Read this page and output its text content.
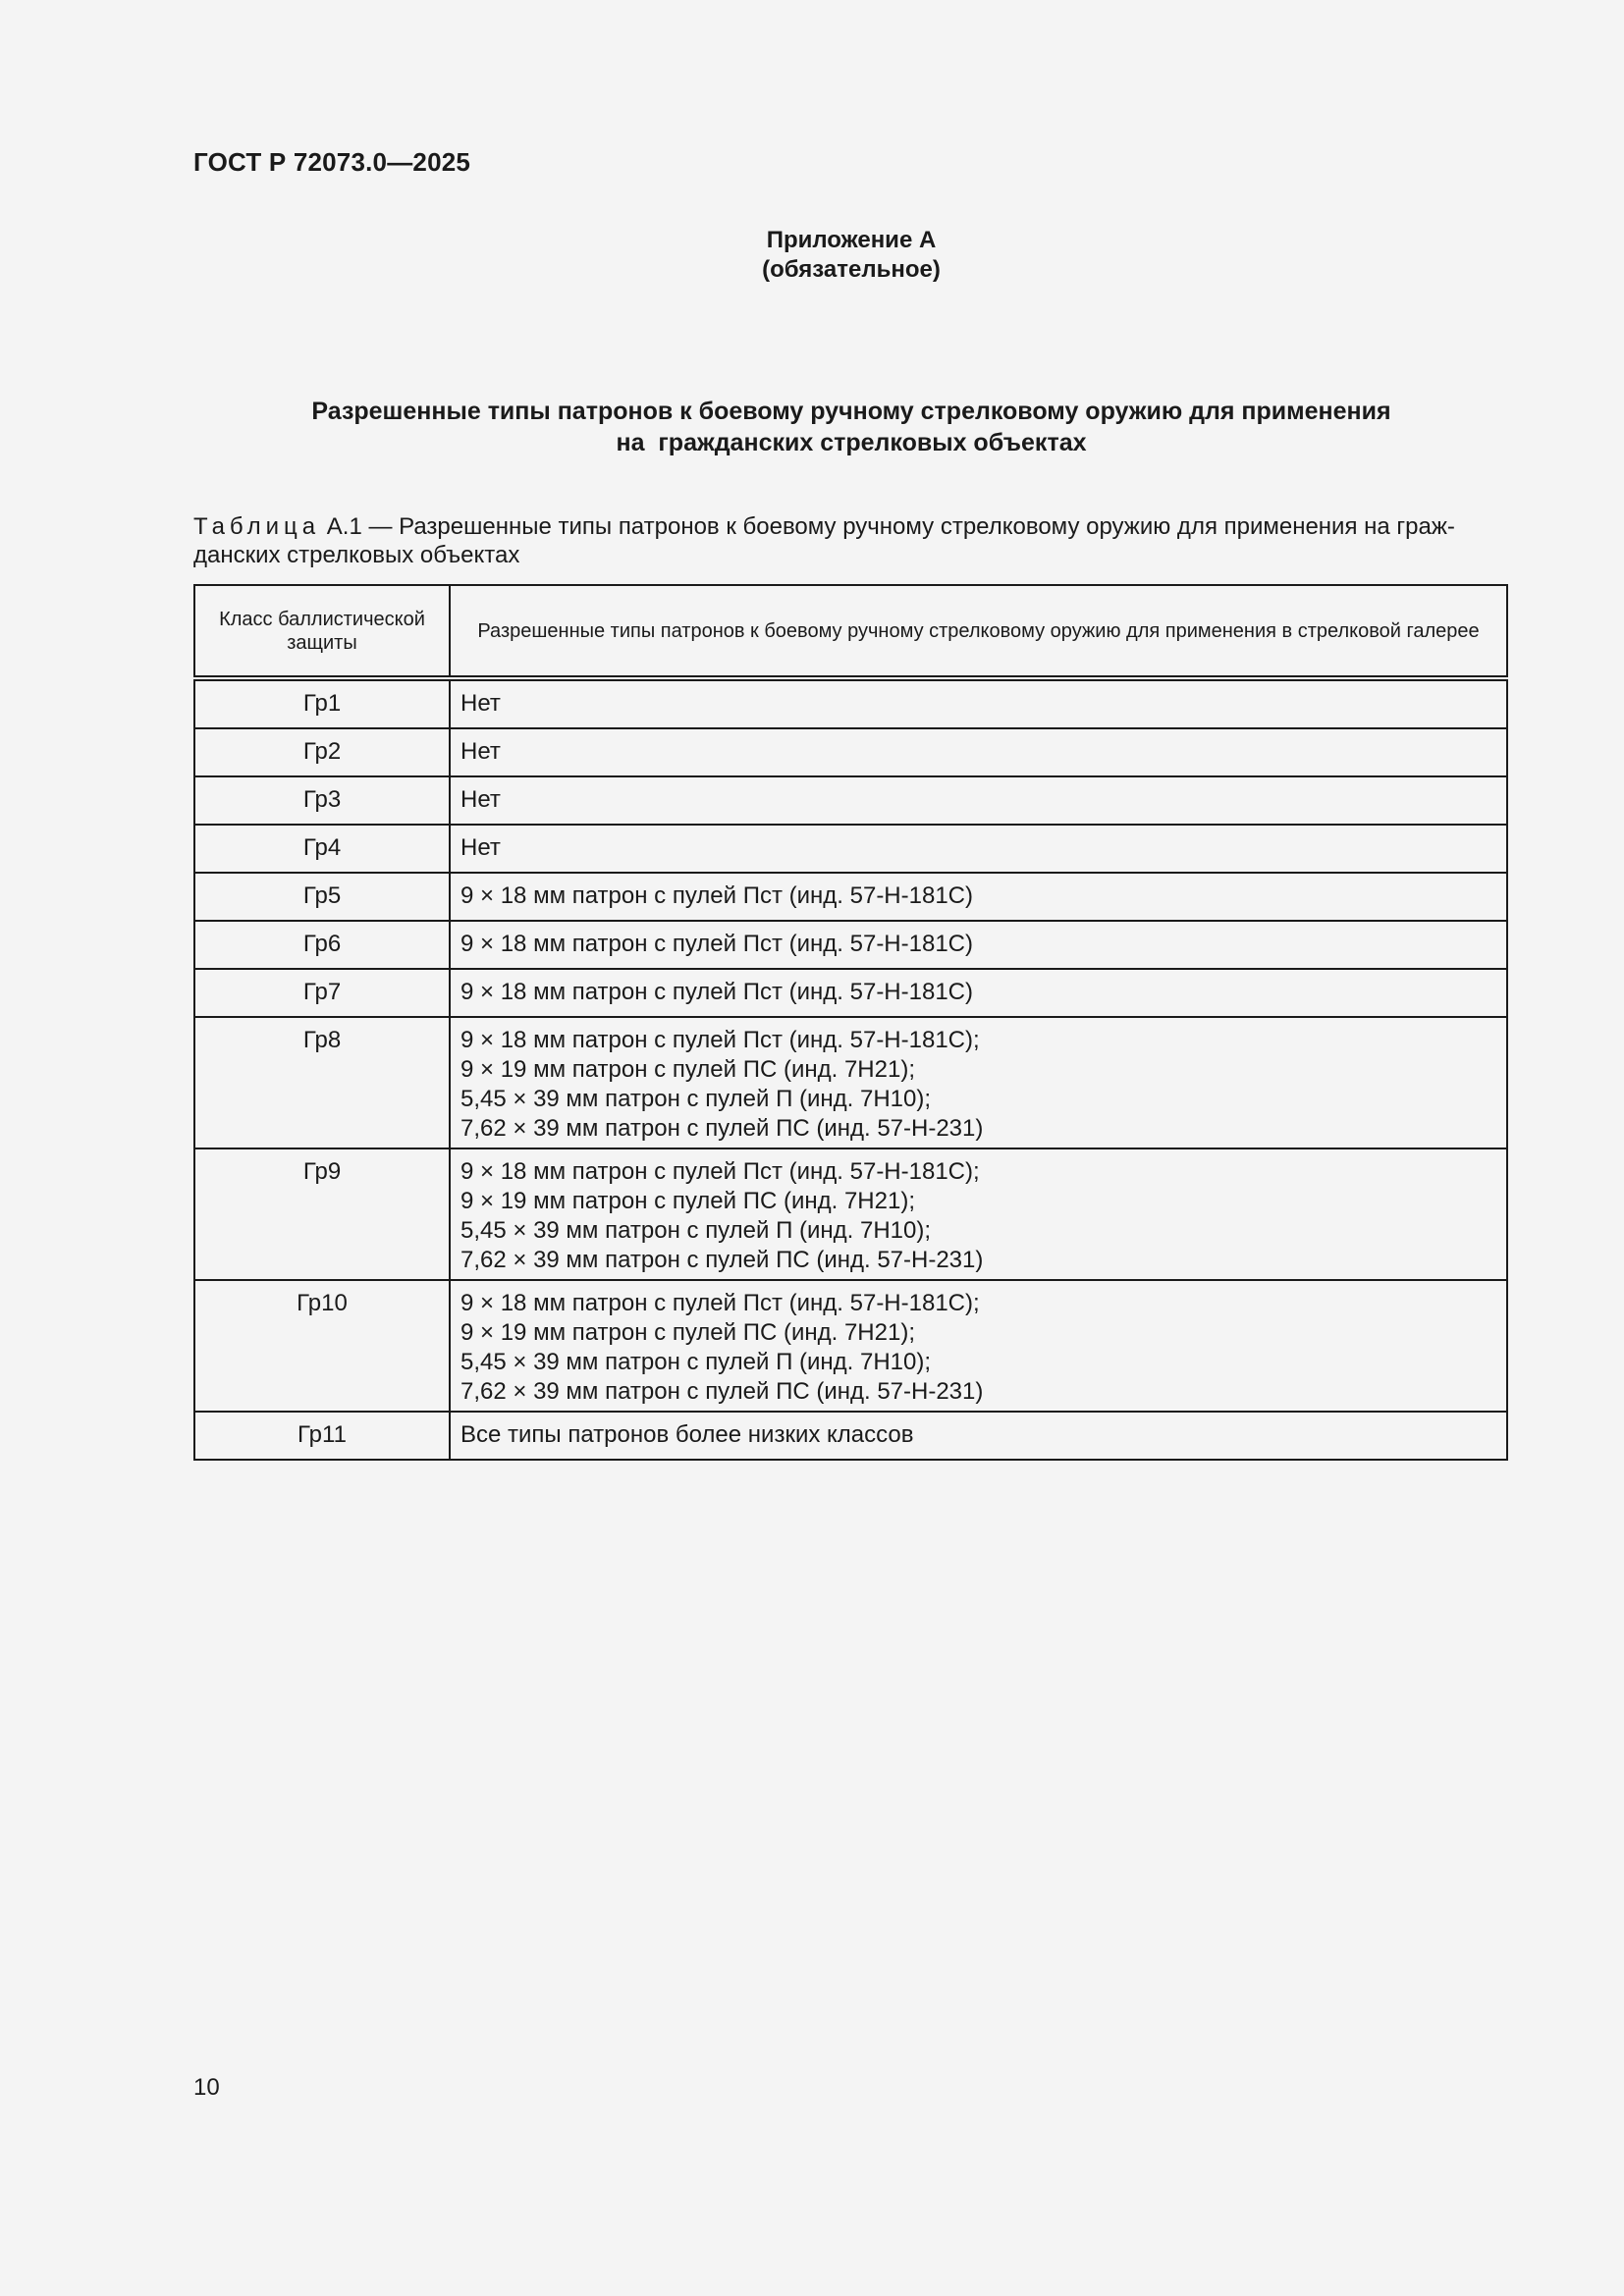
ГОСТ Р 72073.0—2025
Приложение А
(обязательное)
Разрешенные типы патронов к боевому ручному стрелковому оружию для применения
на  гражданских стрелковых объектах
Таблица А.1 — Разрешенные типы патронов к боевому ручному стрелковому оружию для применения на граж-
данских стрелковых объектах
Класс баллистической защиты	Разрешенные типы патронов к боевому ручному стрелковому оружию для применения в стрелковой галерее
Гр1	Нет

Гр2	Нет

Гр3	Нет

Гр4	Нет

Гр5	9 × 18 мм патрон с пулей Пст (инд. 57-Н-181С)

Гр6	9 × 18 мм патрон с пулей Пст (инд. 57-Н-181С)

Гр7	9 × 18 мм патрон с пулей Пст (инд. 57-Н-181С)

Гр8	9 × 18 мм патрон с пулей Пст (инд. 57-Н-181С);
9 × 19 мм патрон с пулей ПС (инд. 7Н21);
5,45 × 39 мм патрон с пулей П (инд. 7Н10);
7,62 × 39 мм патрон с пулей ПС (инд. 57-Н-231)

Гр9	9 × 18 мм патрон с пулей Пст (инд. 57-Н-181С);
9 × 19 мм патрон с пулей ПС (инд. 7Н21);
5,45 × 39 мм патрон с пулей П (инд. 7Н10);
7,62 × 39 мм патрон с пулей ПС (инд. 57-Н-231)

Гр10	9 × 18 мм патрон с пулей Пст (инд. 57-Н-181С);
9 × 19 мм патрон с пулей ПС (инд. 7Н21);
5,45 × 39 мм патрон с пулей П (инд. 7Н10);
7,62 × 39 мм патрон с пулей ПС (инд. 57-Н-231)

Гр11	Все типы патронов более низких классов
10
